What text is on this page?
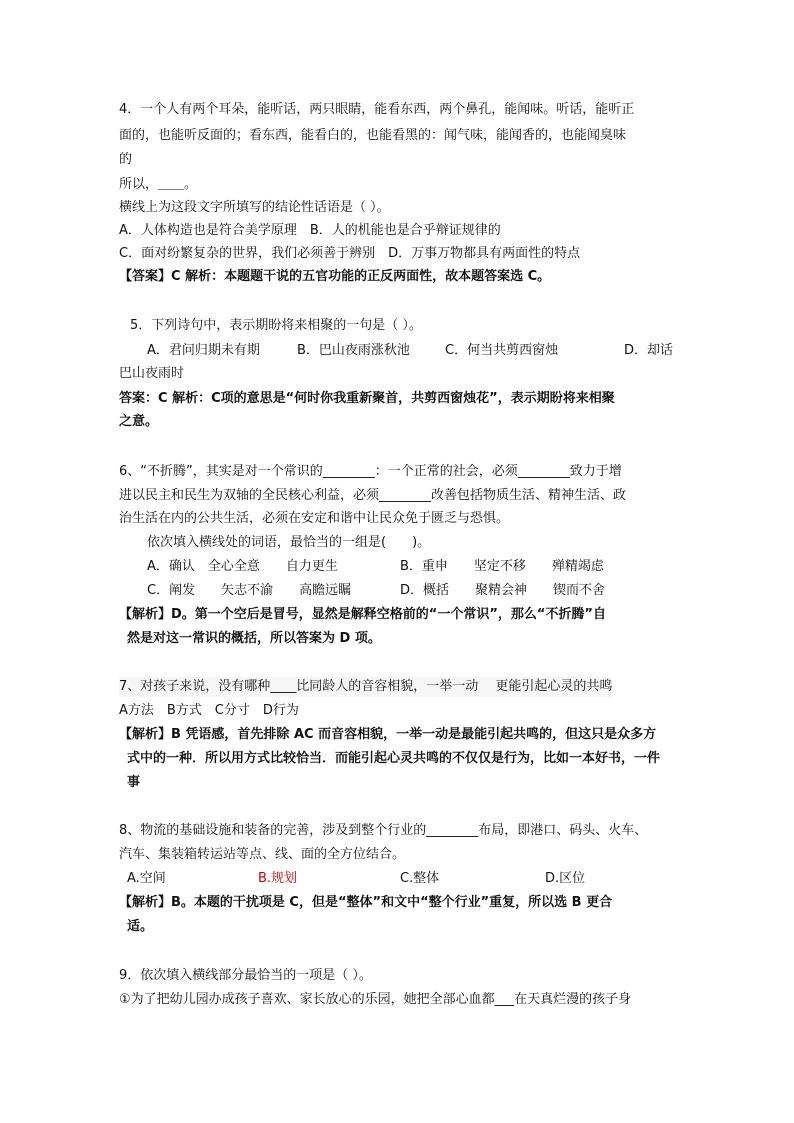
4．一个人有两个耳朵，能听话，两只眼睛，能看东西，两个鼻孔，能闻味。听话，能听正
面的，也能听反面的；看东西，能看白的，也能看黑的：闻气味，能闻香的，也能闻臭味
的
所以，＿＿。
横线上为这段文字所填写的结论性话语是（ ）。
A．人体构造也是符合美学原理　B．人的机能也是合乎辩证规律的
C．面对纷繁复杂的世界，我们必须善于辨别　D．万事万物都具有两面性的特点
【答案】C 解析：本题题干说的五官功能的正反两面性，故本题答案选 C。
5．下列诗句中，表示期盼将来相聚的一句是（ ）。
A．君问归期未有期	B．巴山夜雨涨秋池	C．何当共剪西窗烛	D．却话
巴山夜雨时
答案：C 解析：C项的意思是“何时你我重新聚首，共剪西窗烛花”，表示期盼将来相聚
之意。
6、“不折腾”，其实是对一个常识的________：一个正常的社会，必须________致力于增
进以民主和民生为双轴的全民核心利益，必须________改善包括物质生活、精神生活、政
治生活在内的公共生活，必须在安定和谐中让民众免于匮乏与恐惧。
依次填入横线处的词语，最恰当的一组是(　　)。
A．确认　全心全意　　自力更生	B．重申　　坚定不移　　殚精竭虑
C．阐发　　矢志不渝　　高瞻远瞩	D．概括　　聚精会神　　锲而不舍
【解析】D。第一个空后是冒号，显然是解释空格前的“一个常识”，那么“不折腾”自
然是对这一常识的概括，所以答案为 D 项。
7、对孩子来说，没有哪种____比同龄人的音容相貌，一举一动　 更能引起心灵的共鸣
A方法　B方式　C分寸　D行为
【解析】B 凭语感，首先排除 AC 而音容相貌，一举一动是最能引起共鸣的，但这只是众多方
式中的一种．所以用方式比较恰当．而能引起心灵共鸣的不仅仅是行为，比如一本好书，一件
事
8、物流的基础设施和装备的完善，涉及到整个行业的________布局，即港口、码头、火车、
汽车、集装箱转运站等点、线、面的全方位结合。
A.空间	B.规划	C.整体	D.区位
【解析】B。本题的干扰项是 C，但是“整体”和文中“整个行业”重复，所以选 B 更合
适。
9．依次填入横线部分最恰当的一项是（ ）。
①为了把幼儿园办成孩子喜欢、家长放心的乐园，她把全部心血都___在天真烂漫的孩子身
